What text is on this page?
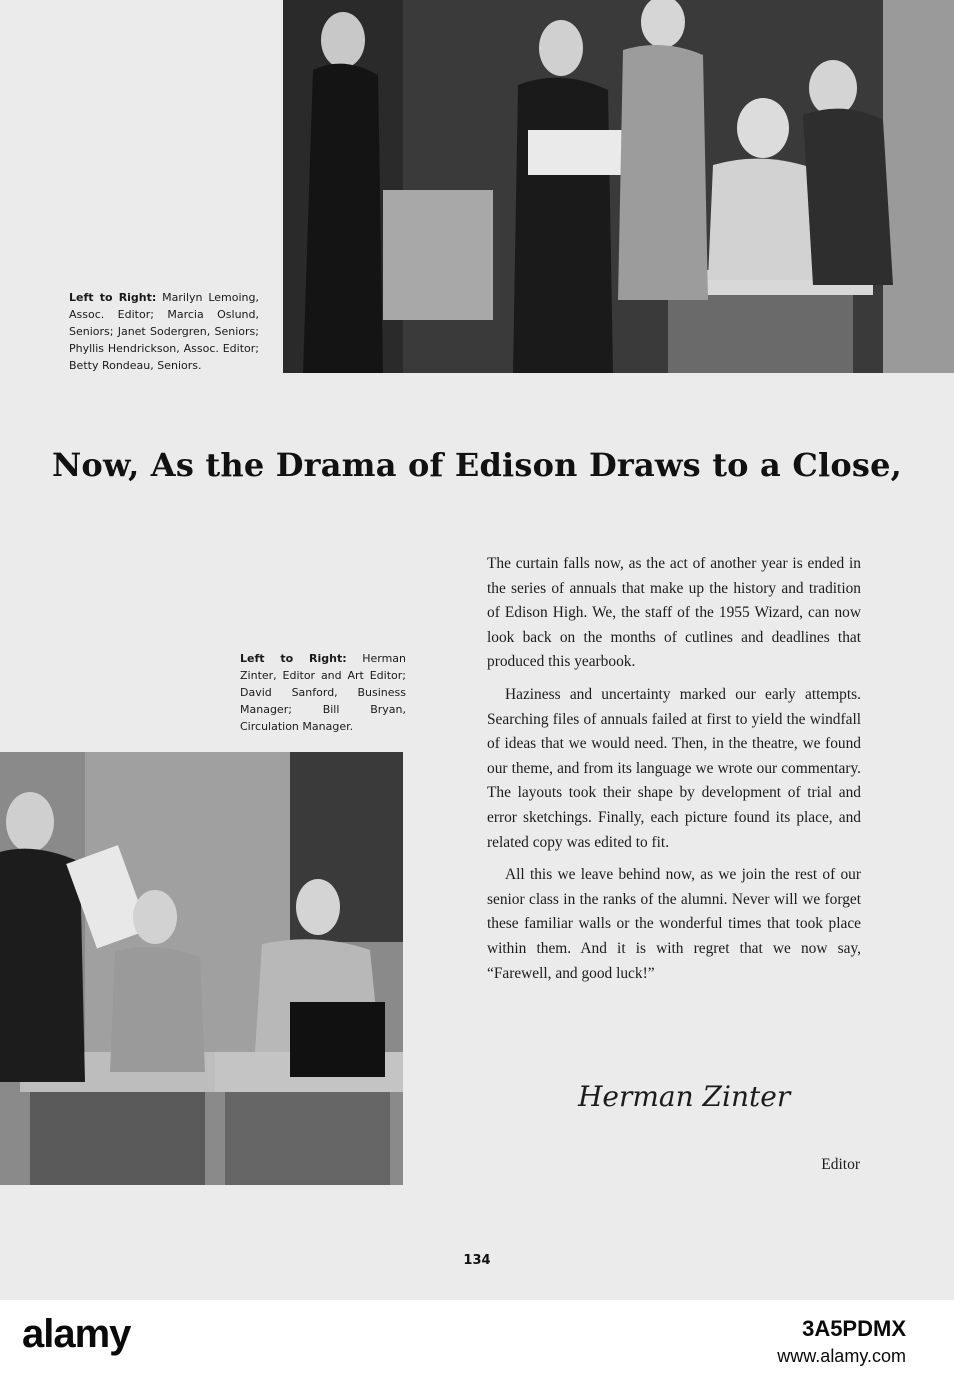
Left to Right: Marilyn Lemoing, Assoc. Editor; Marcia Oslund, Seniors; Janet Sodergren, Seniors; Phyllis Hendrickson, Assoc. Editor; Betty Rondeau, Seniors.
Now, As the Drama of Edison Draws to a Close,
Left to Right: Herman Zinter, Editor and Art Editor; David Sanford, Business Manager; Bill Bryan, Circulation Manager.

The curtain falls now, as the act of another year is ended in the series of annuals that make up the history and tradition of Edison High. We, the staff of the 1955 Wizard, can now look back on the months of cutlines and deadlines that produced this yearbook.

Haziness and uncertainty marked our early attempts. Searching files of annuals failed at first to yield the windfall of ideas that we would need. Then, in the theatre, we found our theme, and from its language we wrote our commentary. The layouts took their shape by development of trial and error sketchings. Finally, each picture found its place, and related copy was edited to fit.

All this we leave behind now, as we join the rest of our senior class in the ranks of the alumni. Never will we forget these familiar walls or the wonderful times that took place within them. And it is with regret that we now say, “Farewell, and good luck!”

Herman Zinter
Editor
134
alamy	3A5PDMX
www.alamy.com
